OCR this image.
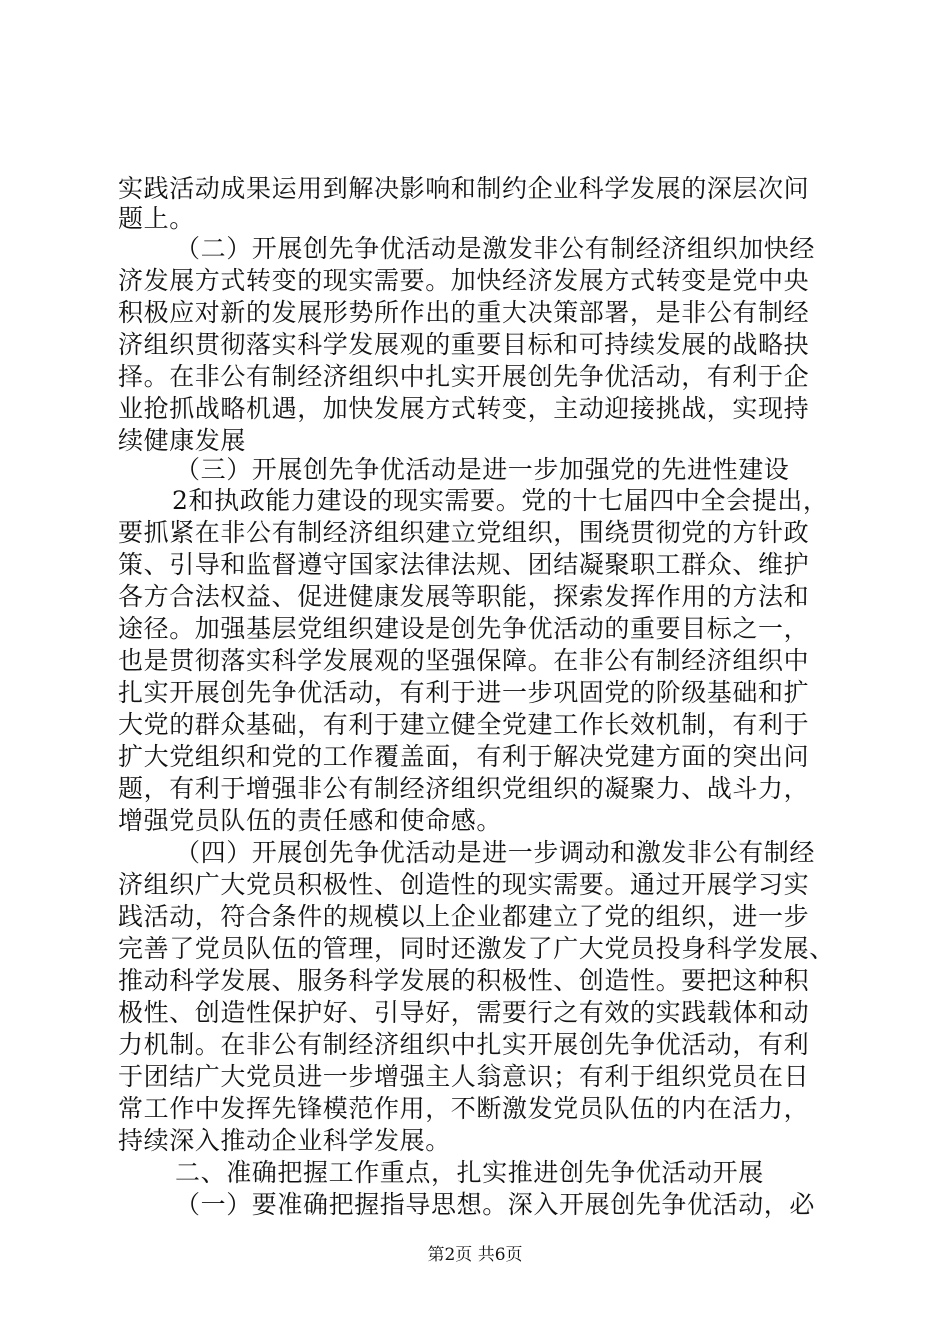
实践活动成果运用到解决影响和制约企业科学发展的深层次问
题上。
（二）开展创先争优活动是激发非公有制经济组织加快经
济发展方式转变的现实需要。加快经济发展方式转变是党中央
积极应对新的发展形势所作出的重大决策部署，是非公有制经
济组织贯彻落实科学发展观的重要目标和可持续发展的战略抉
择。在非公有制经济组织中扎实开展创先争优活动，有利于企
业抢抓战略机遇，加快发展方式转变，主动迎接挑战，实现持
续健康发展
（三）开展创先争优活动是进一步加强党的先进性建设
2和执政能力建设的现实需要。党的十七届四中全会提出，
要抓紧在非公有制经济组织建立党组织，围绕贯彻党的方针政
策、引导和监督遵守国家法律法规、团结凝聚职工群众、维护
各方合法权益、促进健康发展等职能，探索发挥作用的方法和
途径。加强基层党组织建设是创先争优活动的重要目标之一，
也是贯彻落实科学发展观的坚强保障。在非公有制经济组织中
扎实开展创先争优活动，有利于进一步巩固党的阶级基础和扩
大党的群众基础，有利于建立健全党建工作长效机制，有利于
扩大党组织和党的工作覆盖面，有利于解决党建方面的突出问
题，有利于增强非公有制经济组织党组织的凝聚力、战斗力，
增强党员队伍的责任感和使命感。
（四）开展创先争优活动是进一步调动和激发非公有制经
济组织广大党员积极性、创造性的现实需要。通过开展学习实
践活动，符合条件的规模以上企业都建立了党的组织，进一步
完善了党员队伍的管理，同时还激发了广大党员投身科学发展、
推动科学发展、服务科学发展的积极性、创造性。要把这种积
极性、创造性保护好、引导好，需要行之有效的实践载体和动
力机制。在非公有制经济组织中扎实开展创先争优活动，有利
于团结广大党员进一步增强主人翁意识；有利于组织党员在日
常工作中发挥先锋模范作用，不断激发党员队伍的内在活力，
持续深入推动企业科学发展。
二、准确把握工作重点，扎实推进创先争优活动开展
（一）要准确把握指导思想。深入开展创先争优活动，必
第2页 共6页
